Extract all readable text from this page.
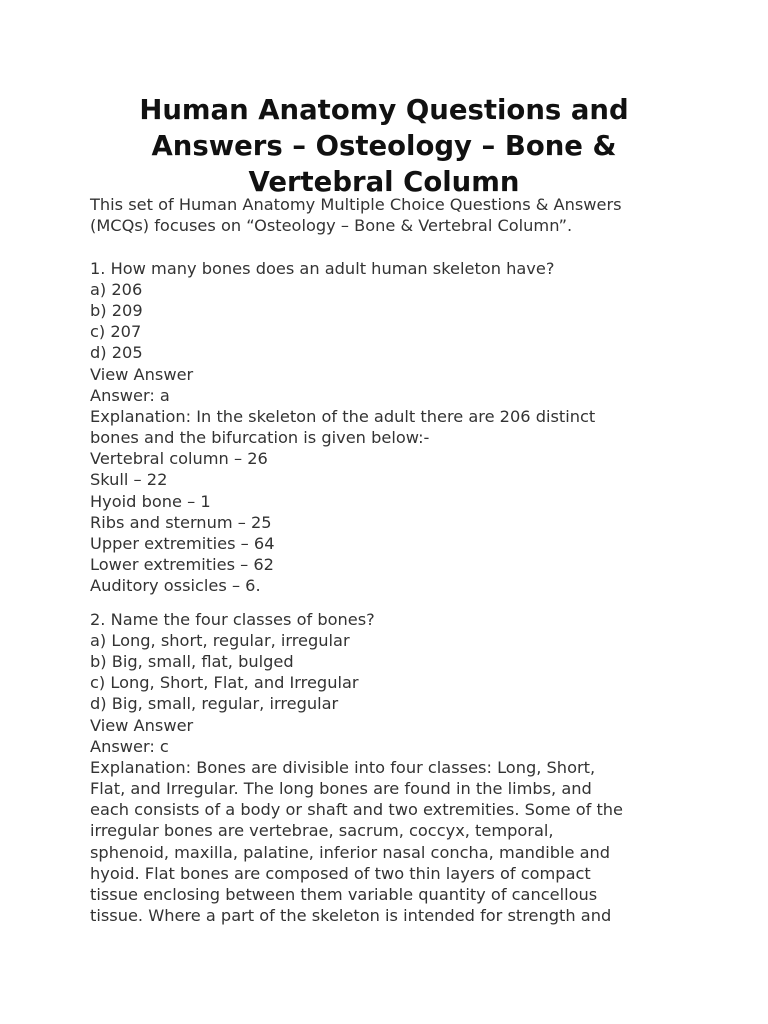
Human Anatomy Questions and
Answers – Osteology – Bone &
Vertebral Column
This set of Human Anatomy Multiple Choice Questions & Answers
(MCQs) focuses on “Osteology – Bone & Vertebral Column”.
1. How many bones does an adult human skeleton have?
a) 206
b) 209
c) 207
d) 205
View Answer
Answer: a
Explanation: In the skeleton of the adult there are 206 distinct
bones and the bifurcation is given below:-
Vertebral column – 26
Skull – 22
Hyoid bone – 1
Ribs and sternum – 25
Upper extremities – 64
Lower extremities – 62
Auditory ossicles – 6.
2. Name the four classes of bones?
a) Long, short, regular, irregular
b) Big, small, flat, bulged
c) Long, Short, Flat, and Irregular
d) Big, small, regular, irregular
View Answer
Answer: c
Explanation: Bones are divisible into four classes: Long, Short,
Flat, and Irregular. The long bones are found in the limbs, and
each consists of a body or shaft and two extremities. Some of the
irregular bones are vertebrae, sacrum, coccyx, temporal,
sphenoid, maxilla, palatine, inferior nasal concha, mandible and
hyoid. Flat bones are composed of two thin layers of compact
tissue enclosing between them variable quantity of cancellous
tissue. Where a part of the skeleton is intended for strength and
